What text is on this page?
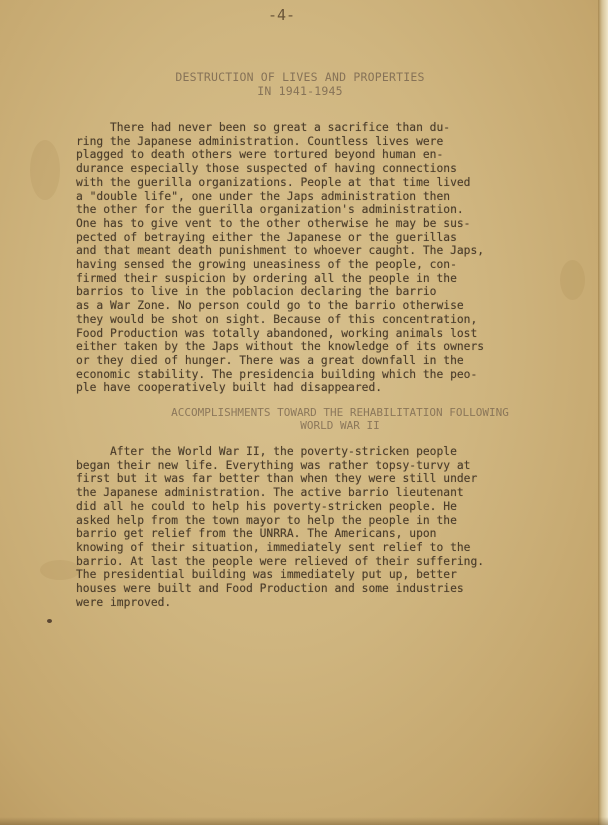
-4-
DESTRUCTION OF LIVES AND PROPERTIES
IN 1941-1945

There had never been so great a sacrifice than du-
ring the Japanese administration. Countless lives were
plagged to death others were tortured beyond human en-
durance especially those suspected of having connections
with the guerilla organizations. People at that time lived
a "double life", one under the Japs administration then
the other for the guerilla organization's administration.
One has to give vent to the other otherwise he may be sus-
pected of betraying either the Japanese or the guerillas
and that meant death punishment to whoever caught. The Japs,
having sensed the growing uneasiness of the people, con-
firmed their suspicion by ordering all the people in the
barrios to live in the poblacion declaring the barrio
as a War Zone. No person could go to the barrio otherwise
they would be shot on sight. Because of this concentration,
Food Production was totally abandoned, working animals lost
either taken by the Japs without the knowledge of its owners
or they died of hunger. There was a great downfall in the
economic stability. The presidencia building which the peo-
ple have cooperatively built had disappeared.

ACCOMPLISHMENTS TOWARD THE REHABILITATION FOLLOWING
WORLD WAR II

After the World War II, the poverty-stricken people
began their new life. Everything was rather topsy-turvy at
first but it was far better than when they were still under
the Japanese administration. The active barrio lieutenant
did all he could to help his poverty-stricken people. He
asked help from the town mayor to help the people in the
barrio get relief from the UNRRA. The Americans, upon
knowing of their situation, immediately sent relief to the
barrio. At last the people were relieved of their suffering.
The presidential building was immediately put up, better
houses were built and Food Production and some industries
were improved.
